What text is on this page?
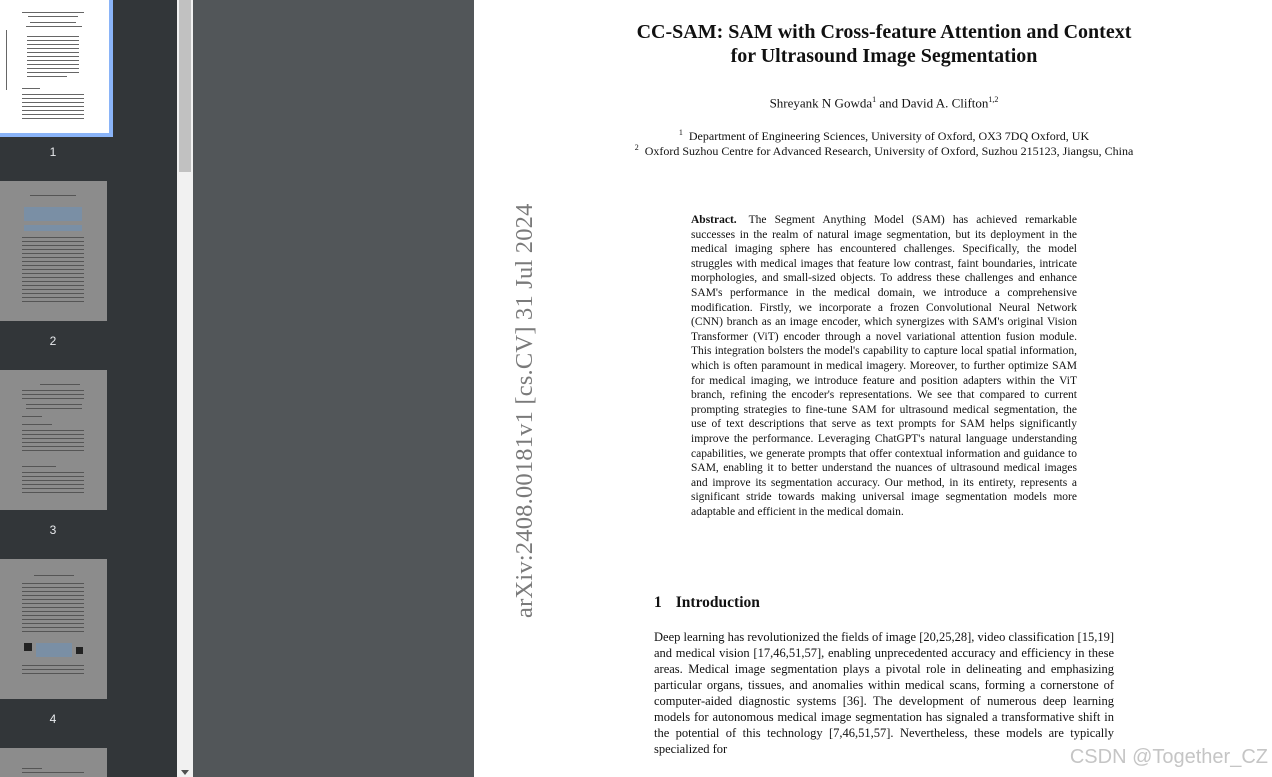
1
2
3
4
arXiv:2408.00181v1 [cs.CV] 31 Jul 2024
CC-SAM: SAM with Cross-feature Attention and Context for Ultrasound Image Segmentation
Shreyank N Gowda$^1$ and David A. Clifton$^{1,2}$
$^1$ Department of Engineering Sciences, University of Oxford, OX3 7DQ Oxford, UK
$^2$ Oxford Suzhou Centre for Advanced Research, University of Oxford, Suzhou 215123, Jiangsu, China

Abstract. The Segment Anything Model (SAM) has achieved remarkable successes in the realm of natural image segmentation, but its deployment in the medical imaging sphere has encountered challenges. Specifically, the model struggles with medical images that feature low contrast, faint boundaries, intricate morphologies, and small-sized objects. To address these challenges and enhance SAM's performance in the medical domain, we introduce a comprehensive modification. Firstly, we incorporate a frozen Convolutional Neural Network (CNN) branch as an image encoder, which synergizes with SAM's original Vision Transformer (ViT) encoder through a novel variational attention fusion module. This integration bolsters the model's capability to capture local spatial information, which is often paramount in medical imagery. Moreover, to further optimize SAM for medical imaging, we introduce feature and position adapters within the ViT branch, refining the encoder's representations. We see that compared to current prompting strategies to fine-tune SAM for ultrasound medical segmentation, the use of text descriptions that serve as text prompts for SAM helps significantly improve the performance. Leveraging ChatGPT's natural language understanding capabilities, we generate prompts that offer contextual information and guidance to SAM, enabling it to better understand the nuances of ultrasound medical images and improve its segmentation accuracy. Our method, in its entirety, represents a significant stride towards making universal image segmentation models more adaptable and efficient in the medical domain.

1 Introduction

Deep learning has revolutionized the fields of image [20,25,28], video classification [15,19] and medical vision [17,46,51,57], enabling unprecedented accuracy and efficiency in these areas. Medical image segmentation plays a pivotal role in delineating and emphasizing particular organs, tissues, and anomalies within medical scans, forming a cornerstone of computer-aided diagnostic systems [36]. The development of numerous deep learning models for autonomous medical image segmentation has signaled a transformative shift in the potential of this technology [7,46,51,57]. Nevertheless, these models are typically specialized for	CSDN @Together_CZ
